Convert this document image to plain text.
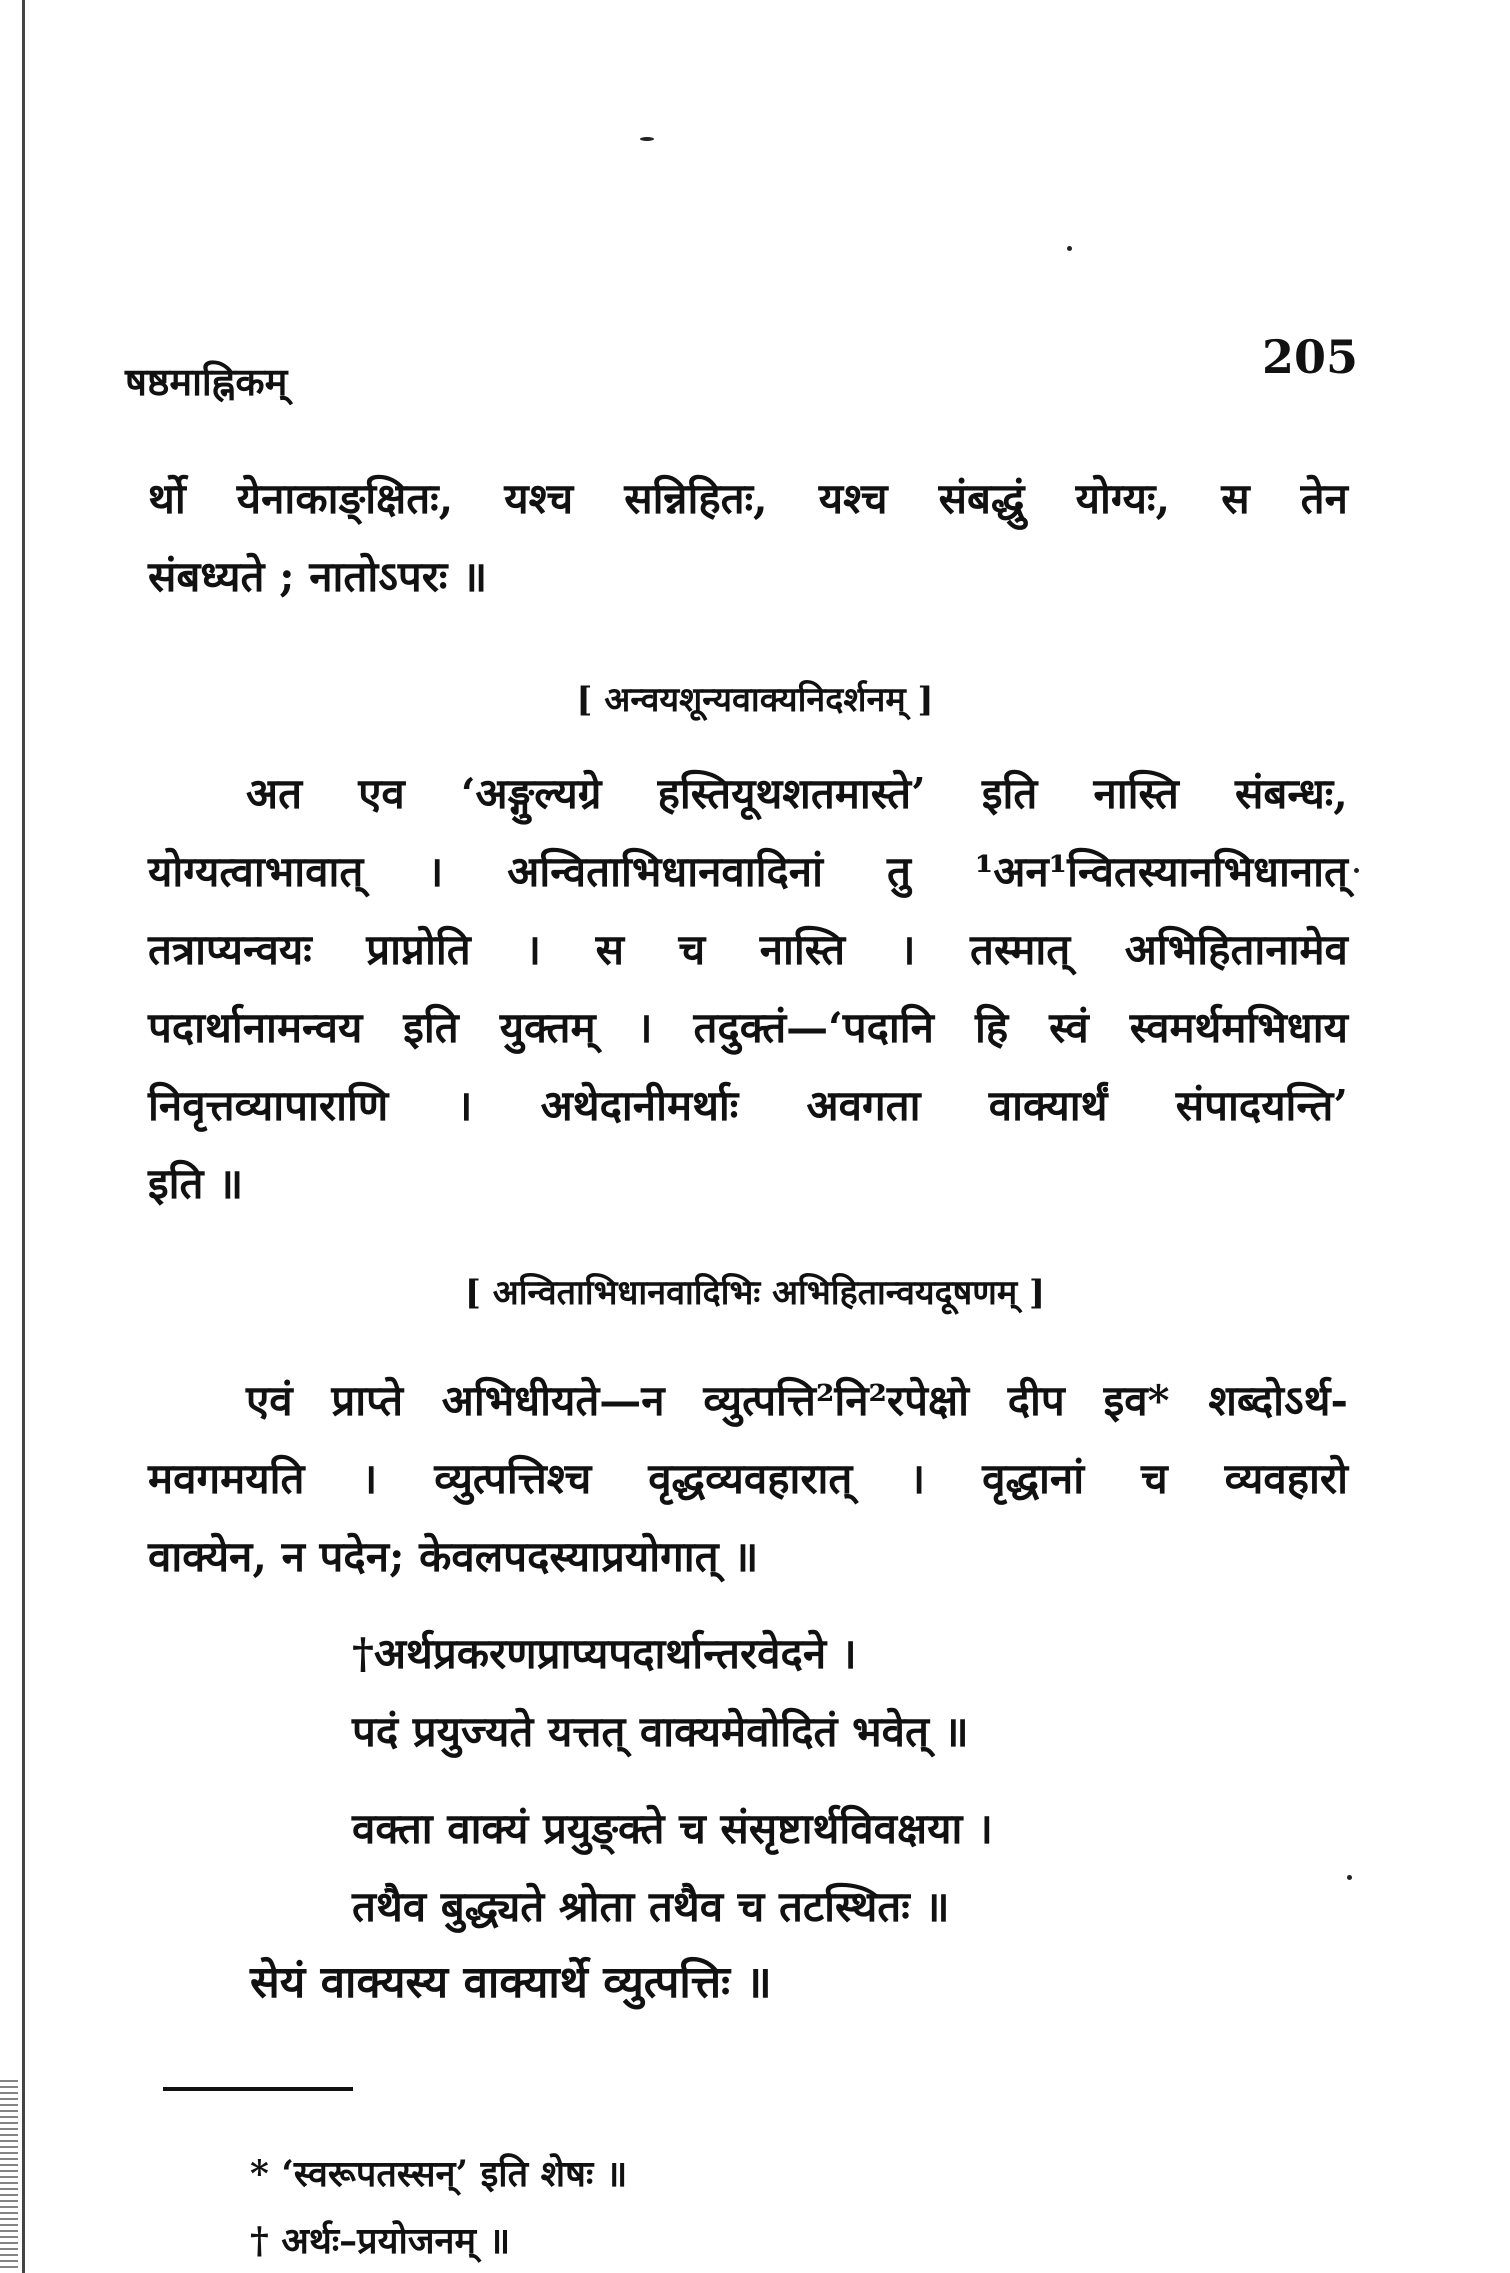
षष्ठमाह्निकम्	205
र्थो येनाकाङ्क्षितः, यश्च सन्निहितः, यश्च संबद्धुं योग्यः, स तेन
संबध्यते ; नातोऽपरः ॥
[ अन्वयशून्यवाक्यनिदर्शनम् ]
अत एव ‘अङ्गुल्यग्रे हस्तियूथशतमास्ते’ इति नास्ति संबन्धः,
योग्यत्वाभावात् । अन्विताभिधानवादिनां तु ¹अन¹न्वितस्यानभिधानात्
तत्राप्यन्वयः प्राप्नोति । स च नास्ति । तस्मात् अभिहितानामेव
पदार्थानामन्वय इति युक्तम् । तदुक्तं—‘पदानि हि स्वं स्वमर्थमभिधाय
निवृत्तव्यापाराणि । अथेदानीमर्थाः अवगता वाक्यार्थं संपादयन्ति’
इति ॥
[ अन्विताभिधानवादिभिः अभिहितान्वयदूषणम् ]
एवं प्राप्ते अभिधीयते—न व्युत्पत्ति²नि²रपेक्षो दीप इव* शब्दोऽर्थ-
मवगमयति । व्युत्पत्तिश्च वृद्धव्यवहारात् । वृद्धानां च व्यवहारो
वाक्येन, न पदेन; केवलपदस्याप्रयोगात् ॥
†अर्थप्रकरणप्राप्यपदार्थान्तरवेदने ।
पदं प्रयुज्यते यत्तत् वाक्यमेवोदितं भवेत् ॥
वक्ता वाक्यं प्रयुङ्क्ते च संसृष्टार्थविवक्षया ।
तथैव बुद्ध्यते श्रोता तथैव च तटस्थितः ॥
सेयं वाक्यस्य वाक्यार्थे व्युत्पत्तिः ॥
* ‘स्वरूपतस्सन्’ इति शेषः ॥
† अर्थः–प्रयोजनम् ॥
